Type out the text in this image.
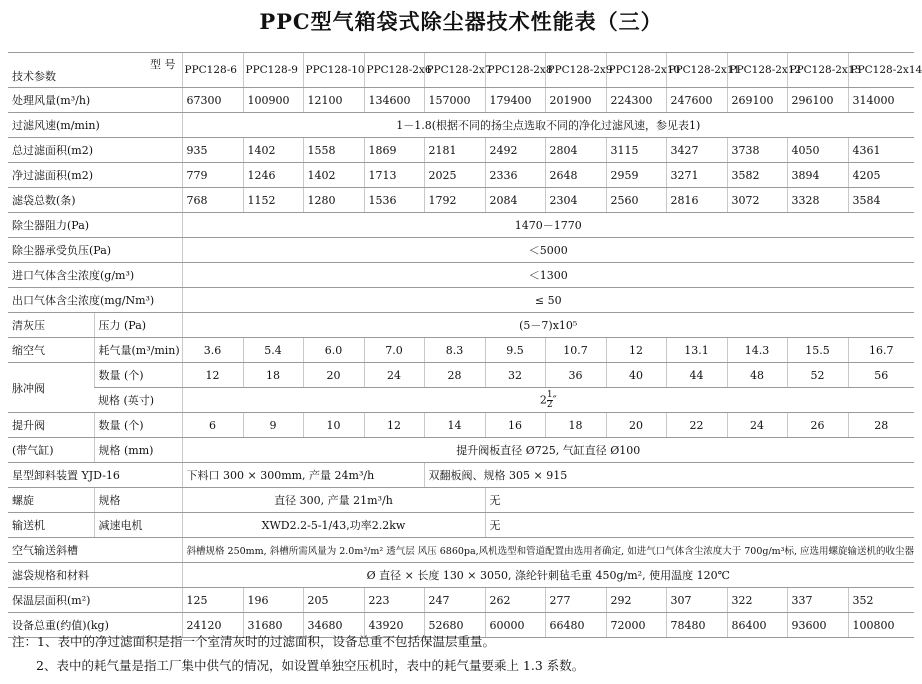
PPC型气箱袋式除尘器技术性能表（三）
型 号
技术参数		PPC128-6	PPC128-9	PPC128-10	PPC128-2x6	PPC128-2x7	PPC128-2x8	PPC128-2x9	PPC128-2x10	PPC128-2x11	PPC128-2x12	PPC128-2x13	PPC128-2x14
处理风量(m³/h)		67300	100900	12100	134600	157000	179400	201900	224300	247600	269100	296100	314000
过滤风速(m/min)		1－1.8(根据不同的扬尘点选取不同的净化过滤风速，参见表1)											
总过滤面积(m2)		935	1402	1558	1869	2181	2492	2804	3115	3427	3738	4050	4361
净过滤面积(m2)		779	1246	1402	1713	2025	2336	2648	2959	3271	3582	3894	4205
滤袋总数(条)		768	1152	1280	1536	1792	2084	2304	2560	2816	3072	3328	3584
除尘器阻力(Pa)		1470－1770											
除尘器承受负压(Pa)		＜5000											
进口气体含尘浓度(g/m³)		＜1300											
出口气体含尘浓度(mg/Nm³)		≤ 50											
清灰压	压力 (Pa)	(5－7)x10⁵											
缩空气	耗气量(m³/min)	3.6	5.4	6.0	7.0	8.3	9.5	10.7	12	13.1	14.3	15.5	16.7
脉冲阀	数量 (个)	12	18	20	24	28	32	36	40	44	48	52	56
	规格 (英寸)	$2 \frac{1}{2}$ ″											
提升阀	数量 (个)	6	9	10	12	14	16	18	20	22	24	26	28
(带气缸)	规格 (mm)	提升阀板直径 Ø725, 气缸直径 Ø100											
星型卸料装置 YJD-16		下料口 300 × 300mm, 产量 24m³/h				双翻板阀、规格 305 × 915							
螺旋	规格	直径 300, 产量 21m³/h					无						
输送机	减速电机	XWD2.2-5-1/43,功率2.2kw					无						
空气输送斜槽		斜槽规格 250mm, 斜槽所需风量为 2.0m³/m² 透气层 风压 6860pa,风机选型和管道配置由选用者确定, 如进气口气体含尘浓度大于 700g/m³标, 应选用螺旋输送机的收尘器											
滤袋规格和材料		Ø 直径 × 长度 130 × 3050, 涤纶针刺毡毛重 450g/m², 使用温度 120℃											
保温层面积(m²)		125	196	205	223	247	262	277	292	307	322	337	352
设备总重(约值)(kg)		24120	31680	34680	43920	52680	60000	66480	72000	78480	86400	93600	100800
注：1、表中的净过滤面积是指一个室清灰时的过滤面积，设备总重不包括保温层重量。
2、表中的耗气量是指工厂集中供气的情况，如设置单独空压机时，表中的耗气量要乘上 1.3 系数。
